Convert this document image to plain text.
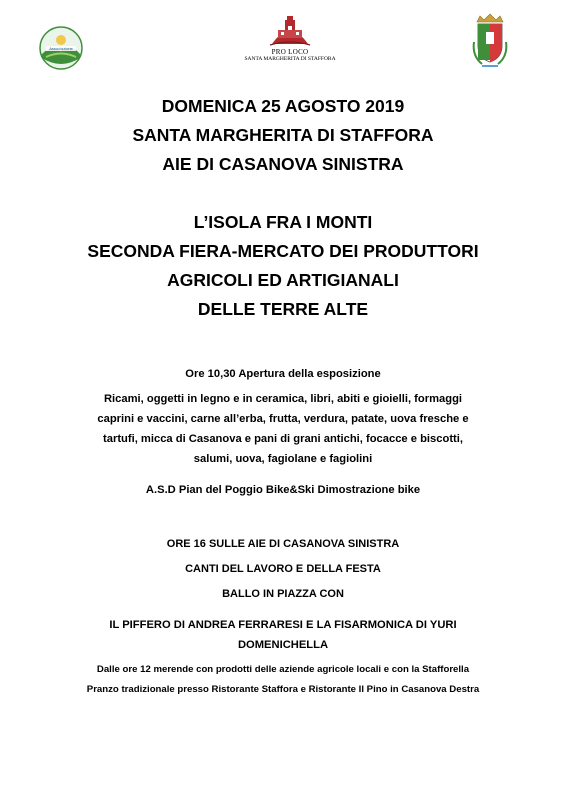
Associazione	PRO LOCO
SANTA MARGHERITA DI STAFFORA
DOMENICA 25 AGOSTO 2019
SANTA MARGHERITA DI STAFFORA
AIE DI CASANOVA SINISTRA
L’ISOLA FRA I MONTI
SECONDA FIERA-MERCATO DEI PRODUTTORI
AGRICOLI ED ARTIGIANALI
DELLE TERRE ALTE
Ore 10,30 Apertura della esposizione
Ricami, oggetti in legno e in ceramica, libri, abiti e gioielli, formaggi
caprini e vaccini, carne all’erba, frutta, verdura, patate, uova fresche e
tartufi, micca di Casanova e pani di grani antichi, focacce e biscotti,
salumi, uova, fagiolane e fagiolini
A.S.D Pian del Poggio Bike&Ski Dimostrazione bike
ORE 16 SULLE AIE DI CASANOVA SINISTRA
CANTI DEL LAVORO E DELLA FESTA
BALLO IN PIAZZA CON
IL PIFFERO DI ANDREA FERRARESI E LA FISARMONICA DI YURI
DOMENICHELLA
Dalle ore 12 merende con prodotti delle aziende agricole locali e con la Stafforella
Pranzo tradizionale presso Ristorante Staffora e Ristorante Il Pino in Casanova Destra
